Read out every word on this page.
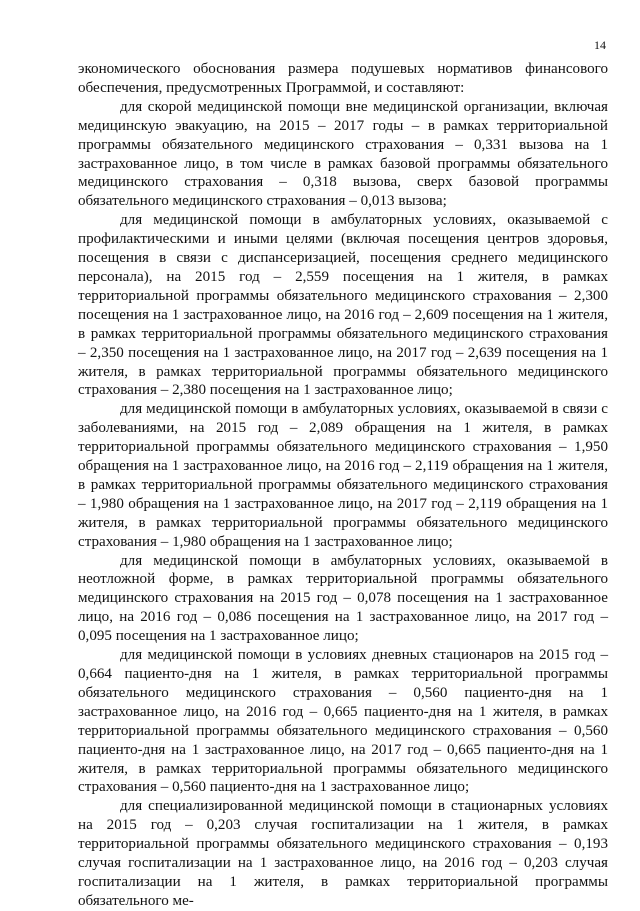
14

экономического обоснования размера подушевых нормативов финансового обеспечения, предусмотренных Программой, и составляют:

для скорой медицинской помощи вне медицинской организации, включая медицинскую эвакуацию, на 2015 – 2017 годы – в рамках территориальной программы обязательного медицинского страхования – 0,331 вызова на 1 застрахованное лицо, в том числе в рамках базовой программы обязательного медицинского страхования – 0,318 вызова, сверх базовой программы обязательного медицинского страхования – 0,013 вызова;

для медицинской помощи в амбулаторных условиях, оказываемой с профилактическими и иными целями (включая посещения центров здоровья, посещения в связи с диспансеризацией, посещения среднего медицинского персонала), на 2015 год – 2,559 посещения на 1 жителя, в рамках территориальной программы обязательного медицинского страхования – 2,300 посещения на 1 застрахованное лицо, на 2016 год – 2,609 посещения на 1 жителя, в рамках территориальной программы обязательного медицинского страхования – 2,350 посещения на 1 застрахованное лицо, на 2017 год – 2,639 посещения на 1 жителя, в рамках территориальной программы обязательного медицинского страхования – 2,380 посещения на 1 застрахованное лицо;

для медицинской помощи в амбулаторных условиях, оказываемой в связи с заболеваниями, на 2015 год – 2,089 обращения на 1 жителя, в рамках территориальной программы обязательного медицинского страхования – 1,950 обращения на 1 застрахованное лицо, на 2016 год – 2,119 обращения на 1 жителя, в рамках территориальной программы обязательного медицинского страхования – 1,980 обращения на 1 застрахованное лицо, на 2017 год – 2,119 обращения на 1 жителя, в рамках территориальной программы обязательного медицинского страхования – 1,980 обращения на 1 застрахованное лицо;

для медицинской помощи в амбулаторных условиях, оказываемой в неотложной форме, в рамках территориальной программы обязательного медицинского страхования на 2015 год – 0,078 посещения на 1 застрахованное лицо, на 2016 год – 0,086 посещения на 1 застрахованное лицо, на 2017 год – 0,095 посещения на 1 застрахованное лицо;

для медицинской помощи в условиях дневных стационаров на 2015 год – 0,664 пациенто-дня на 1 жителя, в рамках территориальной программы обязательного медицинского страхования – 0,560 пациенто-дня на 1 застрахованное лицо, на 2016 год – 0,665 пациенто-дня на 1 жителя, в рамках территориальной программы обязательного медицинского страхования – 0,560 пациенто-дня на 1 застрахованное лицо, на 2017 год – 0,665 пациенто-дня на 1 жителя, в рамках территориальной программы обязательного медицинского страхования – 0,560 пациенто-дня на 1 застрахованное лицо;

для специализированной медицинской помощи в стационарных условиях на 2015 год – 0,203 случая госпитализации на 1 жителя, в рамках территориальной программы обязательного медицинского страхования – 0,193 случая госпитализации на 1 застрахованное лицо, на 2016 год – 0,203 случая госпитализации на 1 жителя, в рамках территориальной программы обязательного ме-
